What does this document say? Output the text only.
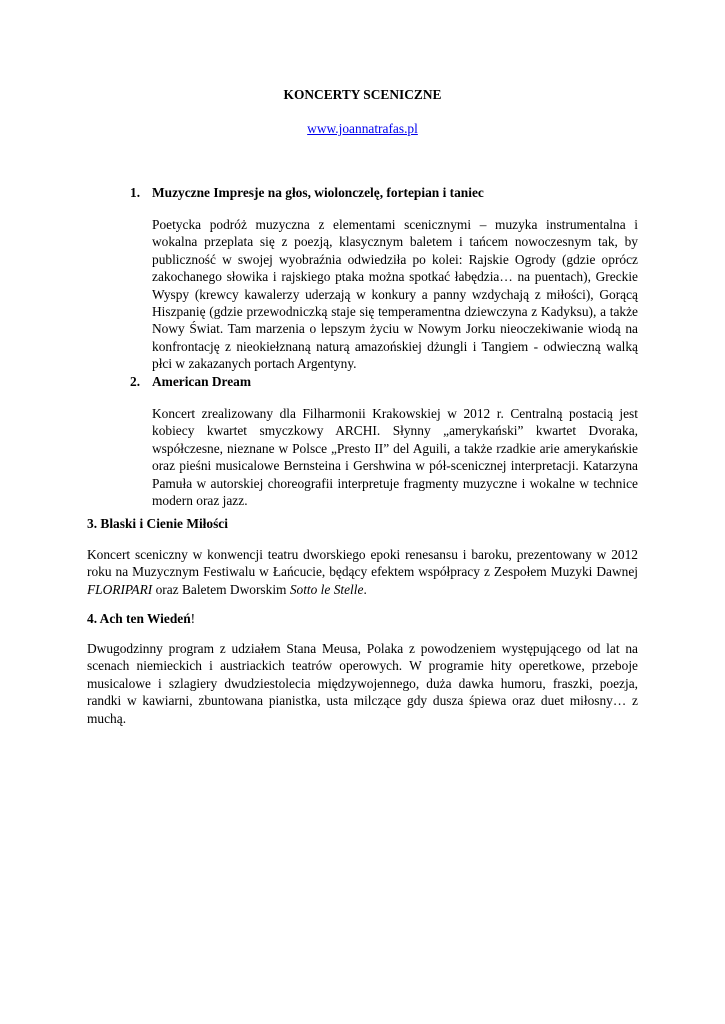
KONCERTY SCENICZNE
www.joannatrafas.pl
1. Muzyczne Impresje na głos, wiolonczelę, fortepian i taniec

Poetycka podróż muzyczna z elementami scenicznymi – muzyka instrumentalna i wokalna przeplata się z poezją, klasycznym baletem i tańcem nowoczesnym tak, by publiczność w swojej wyobraźnia odwiedziła po kolei: Rajskie Ogrody (gdzie oprócz zakochanego słowika i rajskiego ptaka można spotkać łabędzia… na puentach), Greckie Wyspy (krewcy kawalerzy uderzają w konkury a panny wzdychają z miłości), Gorącą Hiszpanię (gdzie przewodniczką staje się temperamentna dziewczyna z Kadyksu), a także Nowy Świat. Tam marzenia o lepszym życiu w Nowym Jorku nieoczekiwanie wiodą na konfrontację z nieokiełznaną naturą amazońskiej dżungli i Tangiem - odwieczną walką płci w zakazanych portach Argentyny.

2. American Dream

Koncert zrealizowany dla Filharmonii Krakowskiej w 2012 r. Centralną postacią jest kobiecy kwartet smyczkowy ARCHI. Słynny „amerykański” kwartet Dvoraka, współczesne, nieznane w Polsce „Presto II” del Aguili, a także rzadkie arie amerykańskie oraz pieśni musicalowe Bernsteina i Gershwina w pół-scenicznej interpretacji. Katarzyna Pamuła w autorskiej choreografii interpretuje fragmenty muzyczne i wokalne w technice modern oraz jazz.

3. Blaski i Cienie Miłości

Koncert sceniczny w konwencji teatru dworskiego epoki renesansu i baroku, prezentowany w 2012 roku na Muzycznym Festiwalu w Łańcucie, będący efektem współpracy z Zespołem Muzyki Dawnej FLORIPARI oraz Baletem Dworskim Sotto le Stelle.

4. Ach ten Wiedeń!

Dwugodzinny program z udziałem Stana Meusa, Polaka z powodzeniem występującego od lat na scenach niemieckich i austriackich teatrów operowych. W programie hity operetkowe, przeboje musicalowe i szlagiery dwudziestolecia międzywojennego, duża dawka humoru, fraszki, poezja, randki w kawiarni, zbuntowana pianistka, usta milczące gdy dusza śpiewa oraz duet miłosny… z muchą.
